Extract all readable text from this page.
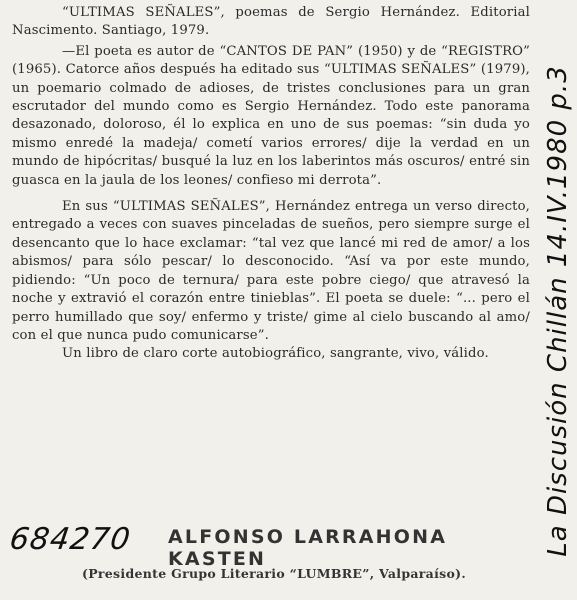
“ULTIMAS SEÑALES”, poemas de Sergio Hernández. Editorial Nascimento. Santiago, 1979.

—El poeta es autor de “CANTOS DE PAN” (1950) y de “REGISTRO” (1965). Catorce años después ha editado sus “ULTIMAS SEÑALES” (1979), un poemario colmado de adioses, de tristes conclusiones para un gran escrutador del mundo como es Sergio Hernández. Todo este panorama desazonado, doloroso, él lo explica en uno de sus poemas: “sin duda yo mismo enredé la madeja/ cometí varios errores/ dije la verdad en un mundo de hipócritas/ busqué la luz en los laberintos más oscuros/ entré sin guasca en la jaula de los leones/ confieso mi derrota”.

En sus “ULTIMAS SEÑALES”, Hernández entrega un verso directo, entregado a veces con suaves pinceladas de sueños, pero siempre surge el desencanto que lo hace exclamar: “tal vez que lancé mi red de amor/ a los abismos/ para sólo pescar/ lo desconocido. “Así va por este mundo, pidiendo: “Un poco de ternura/ para este pobre ciego/ que atravesó la noche y extravió el corazón entre tinieblas”. El poeta se duele: “... pero el perro humillado que soy/ enfermo y triste/ gime al cielo buscando al amo/ con el que nunca pudo comunicarse”.

Un libro de claro corte autobiográfico, sangrante, vivo, válido.

684270 ALFONSO LARRAHONA KASTEN
(Presidente Grupo Literario “LUMBRE”, Valparaíso).
La Discusión Chillán 14.IV.1980 p.3
